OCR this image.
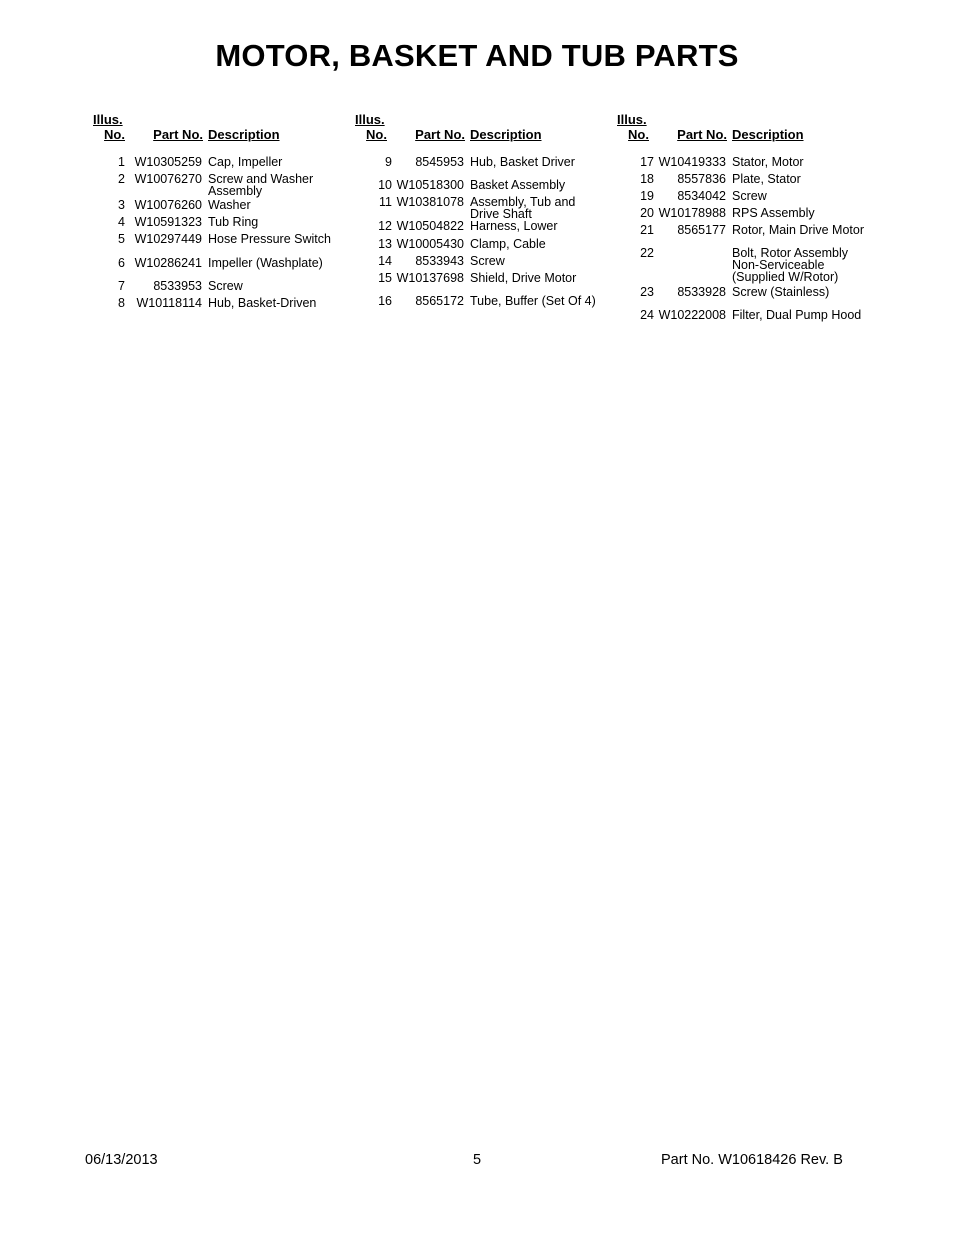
MOTOR, BASKET AND TUB PARTS
Illus.
No.	Part No. Description
1 W10305259 Cap, Impeller
2 W10076270 Screw and Washer
Assembly
3 W10076260 Washer
4 W10591323 Tub Ring
5 W10297449 Hose Pressure Switch
6 W10286241 Impeller (Washplate)
7	8533953 Screw
8 W10118114 Hub, Basket-Driven
Illus.
No.	Part No. Description
9	8545953 Hub, Basket Driver
10 W10518300 Basket Assembly
11 W10381078 Assembly, Tub and
Drive Shaft
12 W10504822 Harness, Lower
13 W10005430 Clamp, Cable
14	8533943 Screw
15 W10137698 Shield, Drive Motor
16	8565172 Tube, Buffer (Set Of 4)
Illus.
No.	Part No. Description
17 W10419333 Stator, Motor
18	8557836 Plate, Stator
19	8534042 Screw
20 W10178988 RPS Assembly
21	8565177 Rotor, Main Drive Motor
22	Bolt, Rotor Assembly
Non-Serviceable
(Supplied W/Rotor)
23	8533928 Screw (Stainless)
24 W10222008 Filter, Dual Pump Hood
06/13/2013	5	Part No. W10618426 Rev. B
